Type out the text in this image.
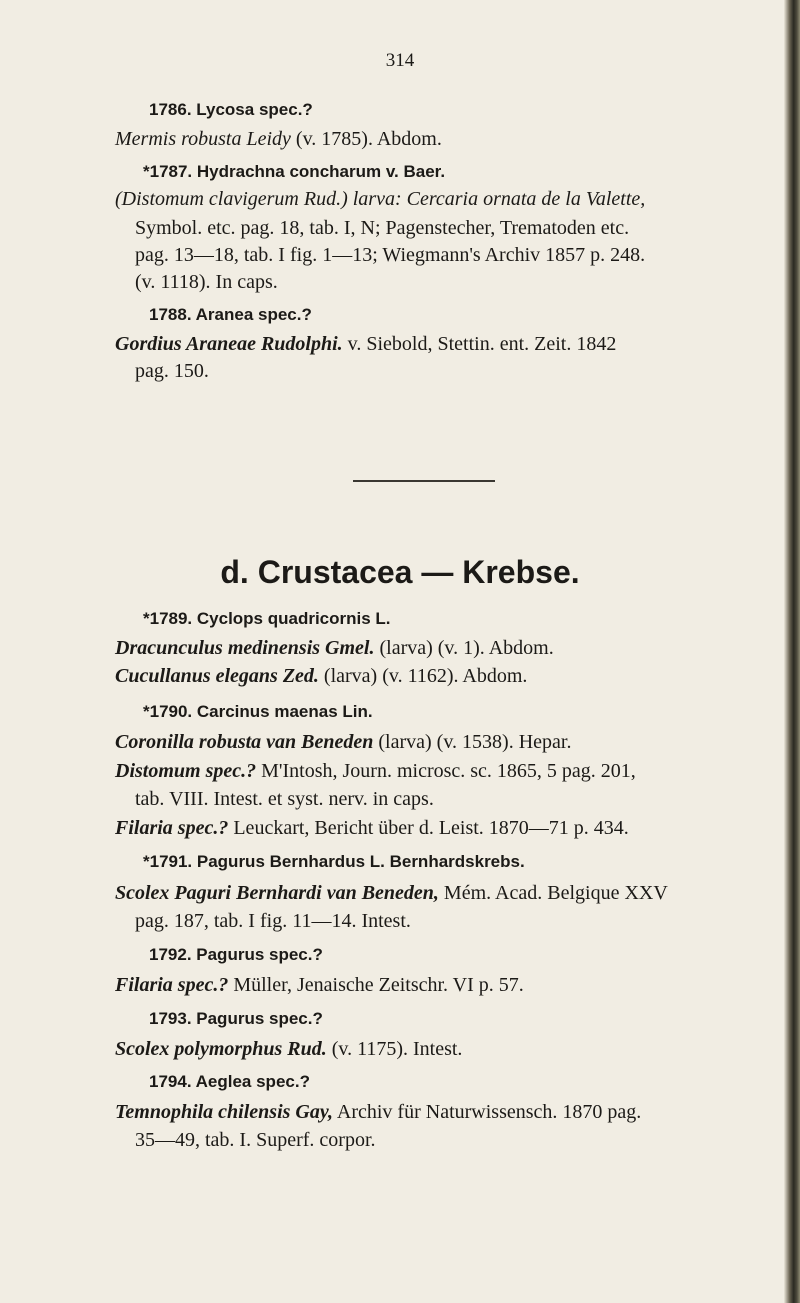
314
1786. Lycosa spec.?
Mermis robusta Leidy (v. 1785). Abdom.
*1787. Hydrachna concharum v. Baer.
(Distomum clavigerum Rud.) larva: Cercaria ornata de la Valette,
Symbol. etc. pag. 18, tab. I, N; Pagenstecher, Trematoden etc.
pag. 13—18, tab. I fig. 1—13; Wiegmann's Archiv 1857 p. 248.
(v. 1118). In caps.
1788. Aranea spec.?
Gordius Araneae Rudolphi. v. Siebold, Stettin. ent. Zeit. 1842
pag. 150.
d. Crustacea — Krebse.
*1789. Cyclops quadricornis L.
Dracunculus medinensis Gmel. (larva) (v. 1). Abdom.
Cucullanus elegans Zed. (larva) (v. 1162). Abdom.
*1790. Carcinus maenas Lin.
Coronilla robusta van Beneden (larva) (v. 1538). Hepar.
Distomum spec.? M'Intosh, Journ. microsc. sc. 1865, 5 pag. 201,
tab. VIII. Intest. et syst. nerv. in caps.
Filaria spec.? Leuckart, Bericht über d. Leist. 1870—71 p. 434.
*1791. Pagurus Bernhardus L. Bernhardskrebs.
Scolex Paguri Bernhardi van Beneden, Mém. Acad. Belgique XXV
pag. 187, tab. I fig. 11—14. Intest.
1792. Pagurus spec.?
Filaria spec.? Müller, Jenaische Zeitschr. VI p. 57.
1793. Pagurus spec.?
Scolex polymorphus Rud. (v. 1175). Intest.
1794. Aeglea spec.?
Temnophila chilensis Gay, Archiv für Naturwissensch. 1870 pag.
35—49, tab. I. Superf. corpor.
